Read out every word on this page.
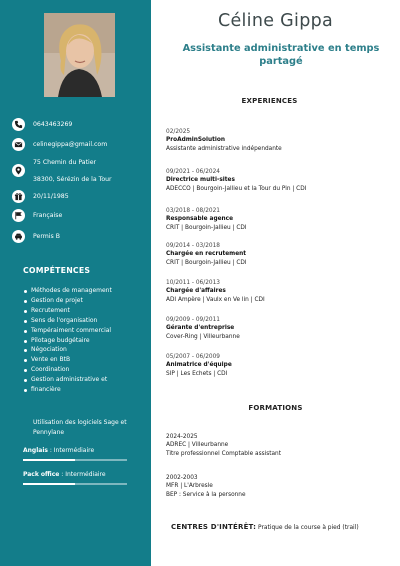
0643463269
celinegippa@gmail.com
75 Chemin du Patier
38300, Sérézin de la Tour
20/11/1985
Française
Permis B
COMPÉTENCES
Méthodes de management
Gestion de projet
Recrutement
Sens de l'organisation
Tempéraiment commercial
Pilotage budgétaire
Négociation
Vente en BtB
Coordination
Gestion administrative et
financière
Utilisation des logiciels Sage et Pennylane
Anglais : Intermédiaire
Pack office : Intermédiaire
Céline Gippa
Assistante administrative en temps
partagé
EXPERIENCES
02/2025
ProAdminSolution
Assistante administrative indépendante
09/2021 - 06/2024
Directrice multi-sites
ADECCO | Bourgoin-Jallieu et la Tour du Pin | CDI
03/2018 - 08/2021
Responsable agence
CRIT | Bourgoin-Jallieu | CDI
09/2014 - 03/2018
Chargée en recrutement
CRIT | Bourgoin-Jallieu | CDI
10/2011 - 06/2013
Chargée d'affaires
ADI Ampère | Vaulx en Ve lin | CDI
09/2009 - 09/2011
Gérante d'entreprise
Cover-Ring | Villeurbanne
05/2007 - 06/2009
Animatrice d'équipe
SIP | Les Echets | CDI
FORMATIONS
2024-2025
ADREC | Villeurbanne
Titre professionnel Comptable assistant
2002-2003
MFR | L'Arbresle
BEP : Service à la personne
CENTRES D'INTÉRÊT: Pratique de la course à pied (trail)
